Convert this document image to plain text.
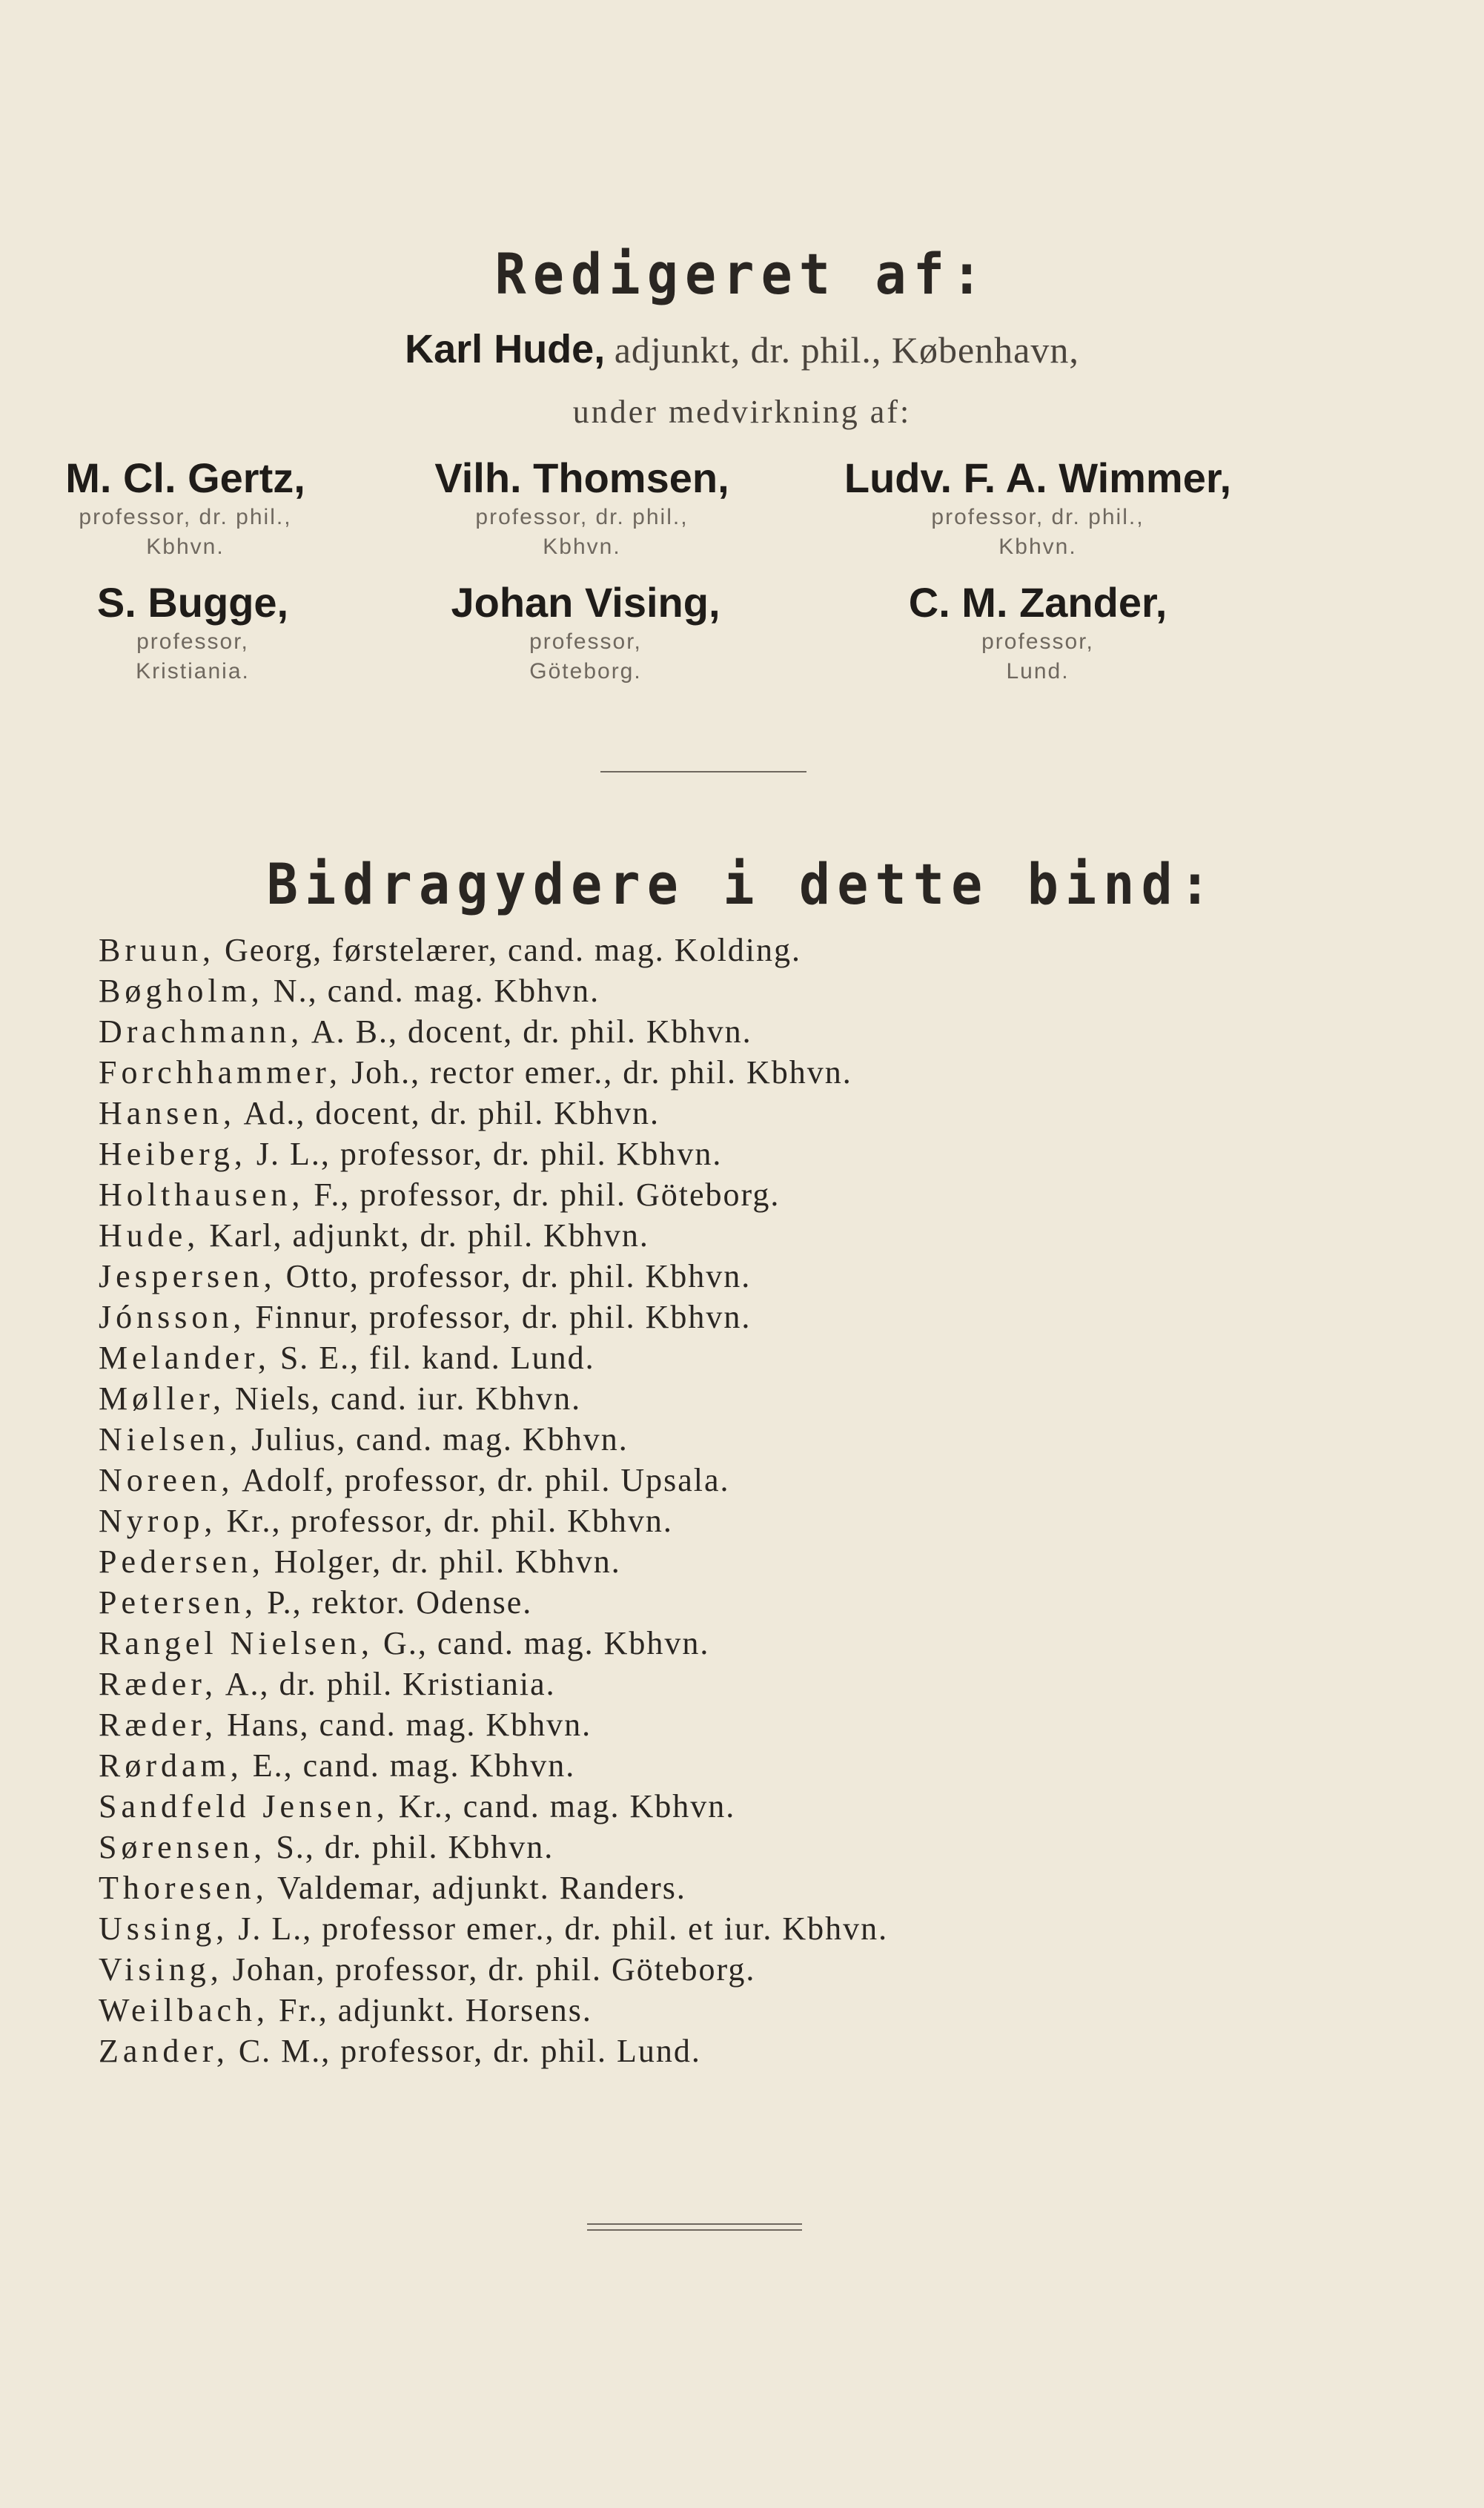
Redigeret af:
Karl Hude, adjunkt, dr. phil., København,
under medvirkning af:
M. Cl. Gertz,
professor, dr. phil.,
Kbhvn.
Vilh. Thomsen,
professor, dr. phil.,
Kbhvn.
Ludv. F. A. Wimmer,
professor, dr. phil.,
Kbhvn.
S. Bugge,
professor,
Kristiania.
Johan Vising,
professor,
Göteborg.
C. M. Zander,
professor,
Lund.
Bidragydere i dette bind:
Bruun, Georg, førstelærer, cand. mag. Kolding.
Bøgholm, N., cand. mag. Kbhvn.
Drachmann, A. B., docent, dr. phil. Kbhvn.
Forchhammer, Joh., rector emer., dr. phil. Kbhvn.
Hansen, Ad., docent, dr. phil. Kbhvn.
Heiberg, J. L., professor, dr. phil. Kbhvn.
Holthausen, F., professor, dr. phil. Göteborg.
Hude, Karl, adjunkt, dr. phil. Kbhvn.
Jespersen, Otto, professor, dr. phil. Kbhvn.
Jónsson, Finnur, professor, dr. phil. Kbhvn.
Melander, S. E., fil. kand. Lund.
Møller, Niels, cand. iur. Kbhvn.
Nielsen, Julius, cand. mag. Kbhvn.
Noreen, Adolf, professor, dr. phil. Upsala.
Nyrop, Kr., professor, dr. phil. Kbhvn.
Pedersen, Holger, dr. phil. Kbhvn.
Petersen, P., rektor. Odense.
Rangel Nielsen, G., cand. mag. Kbhvn.
Ræder, A., dr. phil. Kristiania.
Ræder, Hans, cand. mag. Kbhvn.
Rørdam, E., cand. mag. Kbhvn.
Sandfeld Jensen, Kr., cand. mag. Kbhvn.
Sørensen, S., dr. phil. Kbhvn.
Thoresen, Valdemar, adjunkt. Randers.
Ussing, J. L., professor emer., dr. phil. et iur. Kbhvn.
Vising, Johan, professor, dr. phil. Göteborg.
Weilbach, Fr., adjunkt. Horsens.
Zander, C. M., professor, dr. phil. Lund.
